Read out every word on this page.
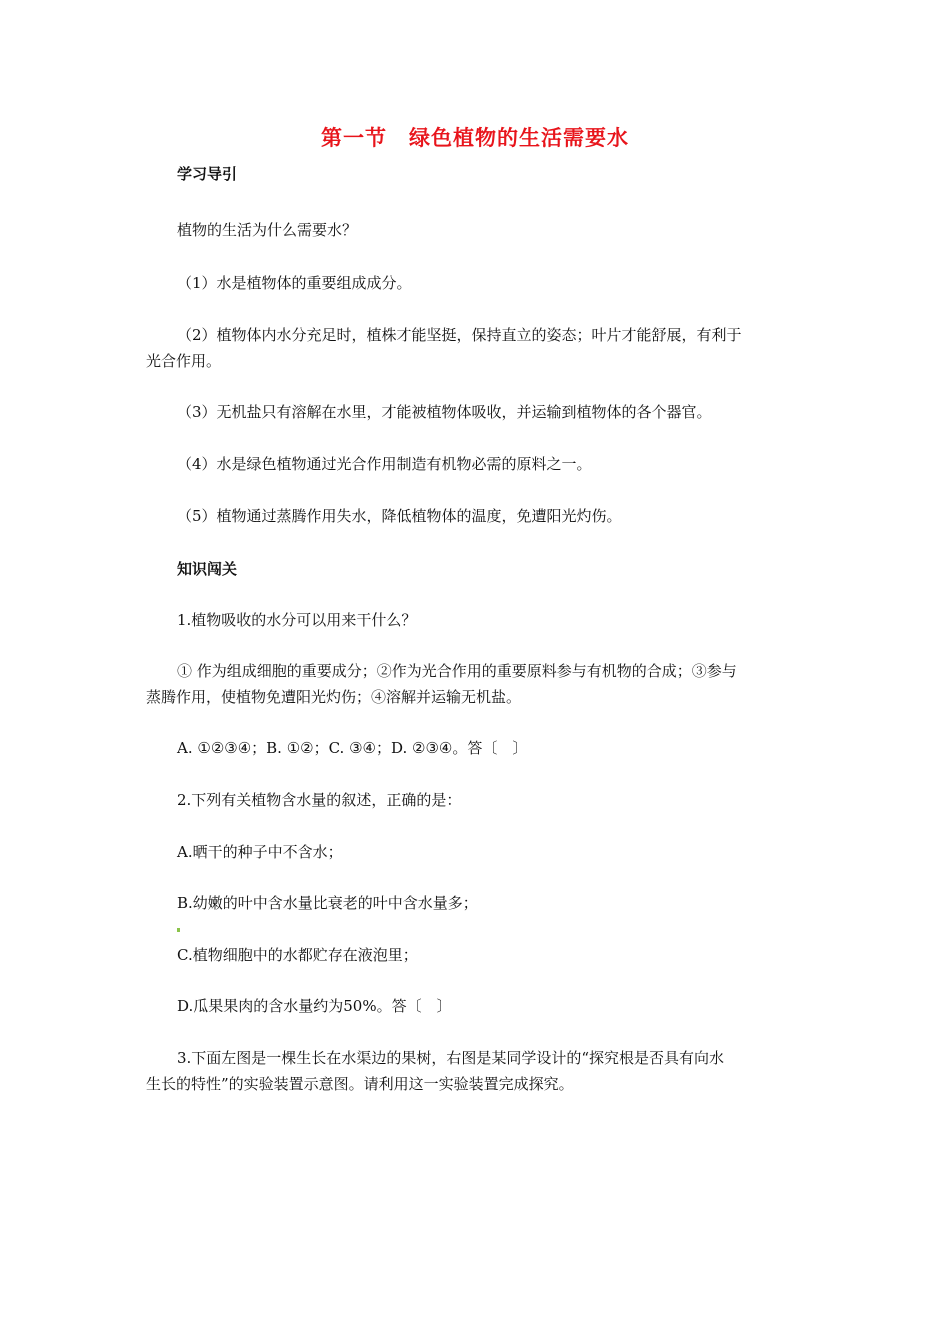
第一节　绿色植物的生活需要水
学习导引
植物的生活为什么需要水？
（1）水是植物体的重要组成成分。
（2）植物体内水分充足时，植株才能坚挺，保持直立的姿态；叶片才能舒展，有利于
光合作用。
（3）无机盐只有溶解在水里，才能被植物体吸收，并运输到植物体的各个器官。
（4）水是绿色植物通过光合作用制造有机物必需的原料之一。
（5）植物通过蒸腾作用失水，降低植物体的温度，免遭阳光灼伤。
知识闯关
1.植物吸收的水分可以用来干什么？
① 作为组成细胞的重要成分；②作为光合作用的重要原料参与有机物的合成；③参与
蒸腾作用，使植物免遭阳光灼伤；④溶解并运输无机盐。
A. ①②③④；B. ①②；C. ③④；D. ②③④。答〔　〕
2.下列有关植物含水量的叙述，正确的是：
A.晒干的种子中不含水；
B.幼嫩的叶中含水量比衰老的叶中含水量多；
C.植物细胞中的水都贮存在液泡里；
D.瓜果果肉的含水量约为50%。答〔　〕
3.下面左图是一棵生长在水渠边的果树，右图是某同学设计的“探究根是否具有向水
生长的特性”的实验装置示意图。请利用这一实验装置完成探究。
